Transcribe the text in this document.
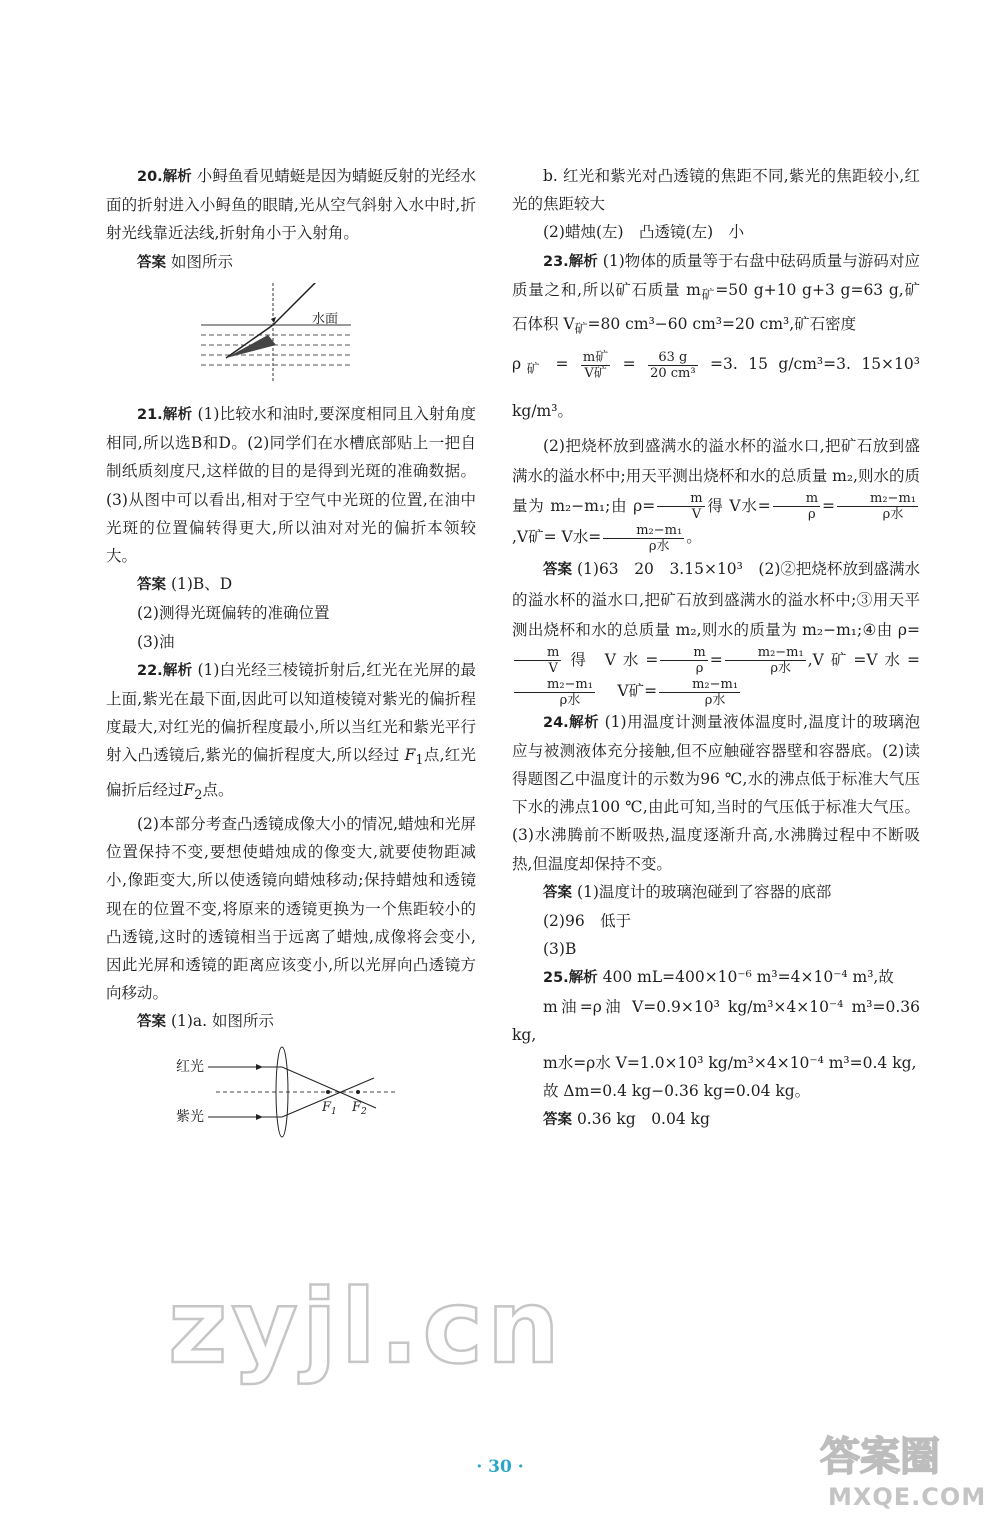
20.解析 小鲟鱼看见蜻蜓是因为蜻蜓反射的光经水面的折射进入小鲟鱼的眼睛,光从空气斜射入水中时,折射光线靠近法线,折射角小于入射角。

答案 如图所示

水面

21.解析 (1)比较水和油时,要深度相同且入射角度相同,所以选B和D。(2)同学们在水槽底部贴上一把自制纸质刻度尺,这样做的目的是得到光斑的准确数据。(3)从图中可以看出,相对于空气中光斑的位置,在油中光斑的位置偏转得更大,所以油对对光的偏折本领较大。

答案 (1)B、D

(2)测得光斑偏转的准确位置

(3)油

22.解析 (1)白光经三棱镜折射后,红光在光屏的最上面,紫光在最下面,因此可以知道棱镜对紫光的偏折程度最大,对红光的偏折程度最小,所以当红光和紫光平行射入凸透镜后,紫光的偏折程度大,所以经过 $F_1$点,红光偏折后经过$F_2$点。

(2)本部分考查凸透镜成像大小的情况,蜡烛和光屏位置保持不变,要想使蜡烛成的像变大,就要使物距减小,像距变大,所以使透镜向蜡烛移动;保持蜡烛和透镜现在的位置不变,将原来的透镜更换为一个焦距较小的凸透镜,这时的透镜相当于远离了蜡烛,成像将会变小,因此光屏和透镜的距离应该变小,所以光屏向凸透镜方向移动。

答案 (1)a. 如图所示

红光
紫光
$F_1$ $F_2$

b. 红光和紫光对凸透镜的焦距不同,紫光的焦距较小,红光的焦距较大

(2)蜡烛(左)　凸透镜(左)　小

23.解析 (1)物体的质量等于右盘中砝码质量与游码对应质量之和,所以矿石质量 $m_矿=50$ g+10 g+3 g=63 g,矿石体积 $V_矿=80$ cm³−60 cm³=20 cm³,矿石密度

$\rho_矿 = \frac{\text{m矿}}{\text{V矿}} = \frac{63 g}{\text{20 cm³}} =3$. 15 g/cm³=3. 15×10³ kg/m³。

(2)把烧杯放到盛满水的溢水杯的溢水口,把矿石放到盛满水的溢水杯中;用天平测出烧杯和水的总质量 m₂,则水的质量为 m₂−m₁;由 $\rho= \frac{m}{V}$ 得 V水= $\frac{m}{\rho} = \frac{\text{m₂−m₁}}{\text{ρ水}}$
,V矿= V水= $\frac{\text{m₂−m₁}}{\text{ρ水}}$ 。

答案 (1)63　20　3.15×10³　(2)②把烧杯放到盛满水的溢水杯的溢水口,把矿石放到盛满水的溢水杯中;③用天平测出烧杯和水的总质量 m₂,则水的质量为 m₂−m₁;④由 ρ=
$\frac{m}{V}$ 得 V水= $\frac{m}{\rho} = \frac{\text{m₂−m₁}}{\text{ρ水}} ,V$矿=V水=
$\frac{\text{m₂−m₁}}{\text{ρ水}}$
　 V矿= $\frac{\text{m₂−m₁}}{\text{ρ水}}$

24.解析 (1)用温度计测量液体温度时,温度计的玻璃泡应与被测液体充分接触,但不应触碰容器壁和容器底。(2)读得题图乙中温度计的示数为96 ℃,水的沸点低于标准大气压下水的沸点100 ℃,由此可知,当时的气压低于标准大气压。(3)水沸腾前不断吸热,温度逐渐升高,水沸腾过程中不断吸热,但温度却保持不变。

答案 (1)温度计的玻璃泡碰到了容器的底部

(2)96　低于

(3)B

25.解析 400 mL=400×10⁻⁶ m³=4×10⁻⁴ m³,故

m油=ρ油 V=0.9×10³ kg/m³×4×10⁻⁴ m³=0.36 kg,

m水=ρ水 V=1.0×10³ kg/m³×4×10⁻⁴ m³=0.4 kg,

故 Δm=0.4 kg−0.36 kg=0.04 kg。

答案 0.36 kg　0.04 kg

zyjl.cn
· 30 ·	答案圈
MXQE.COM
